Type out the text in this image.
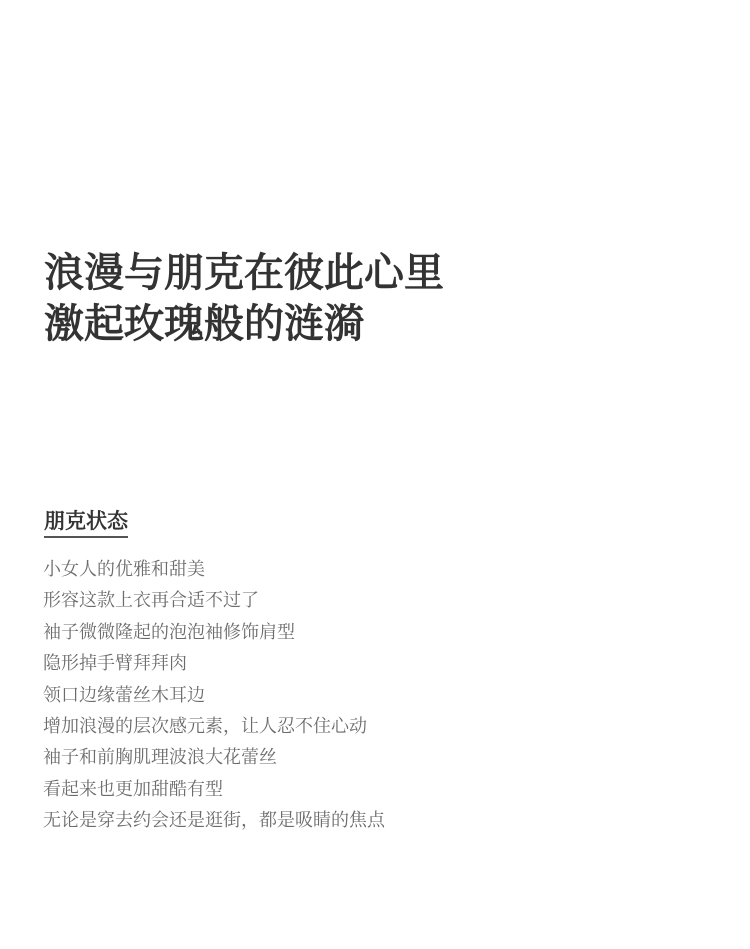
浪漫与朋克在彼此心里
激起玫瑰般的涟漪
朋克状态
小女人的优雅和甜美
形容这款上衣再合适不过了
袖子微微隆起的泡泡袖修饰肩型
隐形掉手臂拜拜肉
领口边缘蕾丝木耳边
增加浪漫的层次感元素，让人忍不住心动
袖子和前胸肌理波浪大花蕾丝
看起来也更加甜酷有型
无论是穿去约会还是逛街，都是吸睛的焦点
